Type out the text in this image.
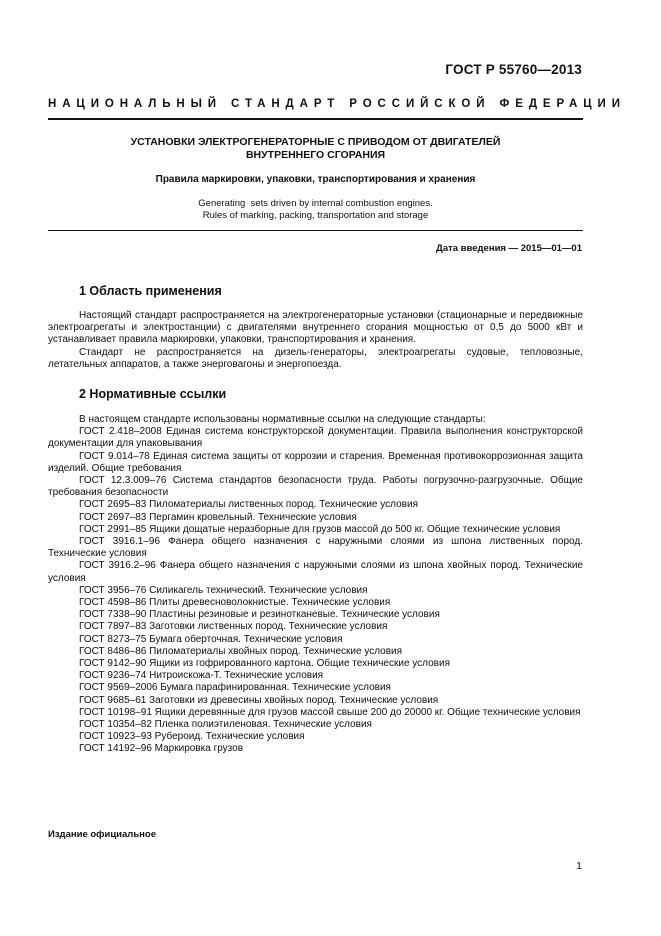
ГОСТ Р 55760—2013
НАЦИОНАЛЬНЫЙ СТАНДАРТ РОССИЙСКОЙ ФЕДЕРАЦИИ
УСТАНОВКИ ЭЛЕКТРОГЕНЕРАТОРНЫЕ С ПРИВОДОМ ОТ ДВИГАТЕЛЕЙ
ВНУТРЕННЕГО СГОРАНИЯ
Правила маркировки, упаковки, транспортирования и хранения
Generating  sets driven by internal combustion engines.
Rules of marking, packing, transportation and storage
Дата введения — 2015—01—01
1 Область применения

Настоящий стандарт распространяется на электрогенераторные установки (стационарные и передвижные электроагрегаты и электростанции) с двигателями внутреннего сгорания мощностью от 0,5 до 5000 кВт и устанавливает правила маркировки, упаковки, транспортирования и хранения.

Стандарт не распространяется на дизель-генераторы, электроагрегаты судовые, тепловозные, летательных аппаратов, а также энерговагоны и энергопоезда.

2 Нормативные ссылки

В настоящем стандарте использованы нормативные ссылки на следующие стандарты:

ГОСТ 2.418–2008 Единая система конструкторской документации. Правила выполнения конструкторской документации для упаковывания

ГОСТ 9.014–78 Единая система защиты от коррозии и старения. Временная противокоррозионная защита изделий. Общие требования

ГОСТ 12.3.009–76 Система стандартов безопасности труда. Работы погрузочно-разгрузочные. Общие требования безопасности

ГОСТ 2695–83 Пиломатериалы лиственных пород. Технические условия

ГОСТ 2697–83 Пергамин кровельный. Технические условия

ГОСТ 2991–85 Ящики дощатые неразборные для грузов массой до 500 кг. Общие технические условия

ГОСТ 3916.1–96 Фанера общего назначения с наружными слоями из шпона лиственных пород. Технические условия

ГОСТ 3916.2–96 Фанера общего назначения с наружными слоями из шпона хвойных пород. Технические условия

ГОСТ 3956–76 Силикагель технический. Технические условия

ГОСТ 4598–86 Плиты древесноволокнистые. Технические условия

ГОСТ 7338–90 Пластины резиновые и резинотканевые. Технические условия

ГОСТ 7897–83 Заготовки лиственных пород. Технические условия

ГОСТ 8273–75 Бумага оберточная. Технические условия

ГОСТ 8486–86 Пиломатериалы хвойных пород. Технические условия

ГОСТ 9142–90 Ящики из гофрированного картона. Общие технические условия

ГОСТ 9236–74 Нитроискожа-Т. Технические условия

ГОСТ 9569–2006 Бумага парафинированная. Технические условия

ГОСТ 9685–61 Заготовки из древесины хвойных пород. Технические условия

ГОСТ 10198–91 Ящики деревянные для грузов массой свыше 200 до 20000 кг. Общие технические условия

ГОСТ 10354–82 Пленка полиэтиленовая. Технические условия

ГОСТ 10923–93 Рубероид. Технические условия

ГОСТ 14192–96 Маркировка грузов

Издание официальное
1
